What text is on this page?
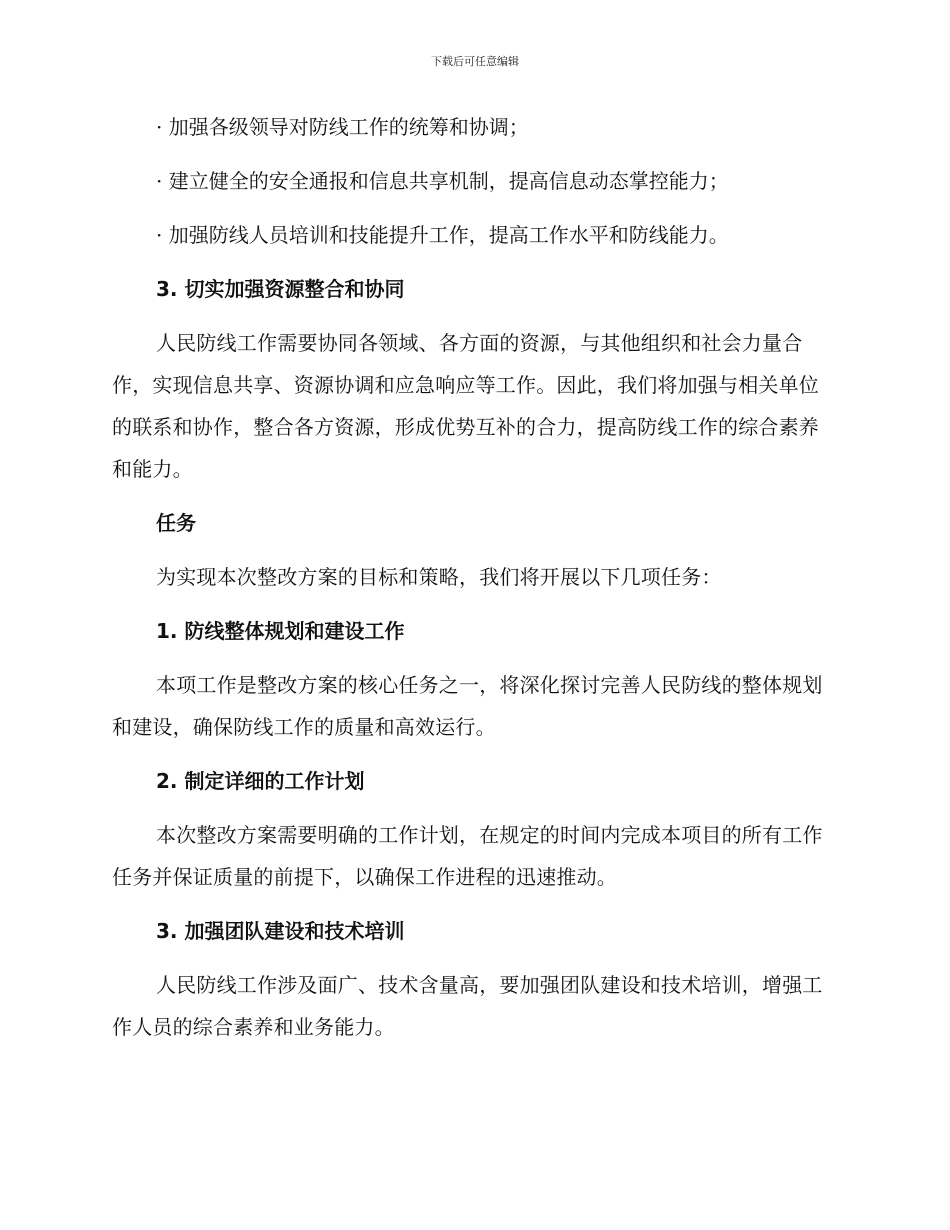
下载后可任意编辑
· 加强各级领导对防线工作的统筹和协调；
· 建立健全的安全通报和信息共享机制，提高信息动态掌控能力；
· 加强防线人员培训和技能提升工作，提高工作水平和防线能力。
3. 切实加强资源整合和协同

人民防线工作需要协同各领域、各方面的资源，与其他组织和社会力量合作，实现信息共享、资源协调和应急响应等工作。因此，我们将加强与相关单位的联系和协作，整合各方资源，形成优势互补的合力，提高防线工作的综合素养和能力。

任务

为实现本次整改方案的目标和策略，我们将开展以下几项任务：

1. 防线整体规划和建设工作

本项工作是整改方案的核心任务之一，将深化探讨完善人民防线的整体规划和建设，确保防线工作的质量和高效运行。

2. 制定详细的工作计划

本次整改方案需要明确的工作计划，在规定的时间内完成本项目的所有工作任务并保证质量的前提下，以确保工作进程的迅速推动。

3. 加强团队建设和技术培训

人民防线工作涉及面广、技术含量高，要加强团队建设和技术培训，增强工作人员的综合素养和业务能力。
